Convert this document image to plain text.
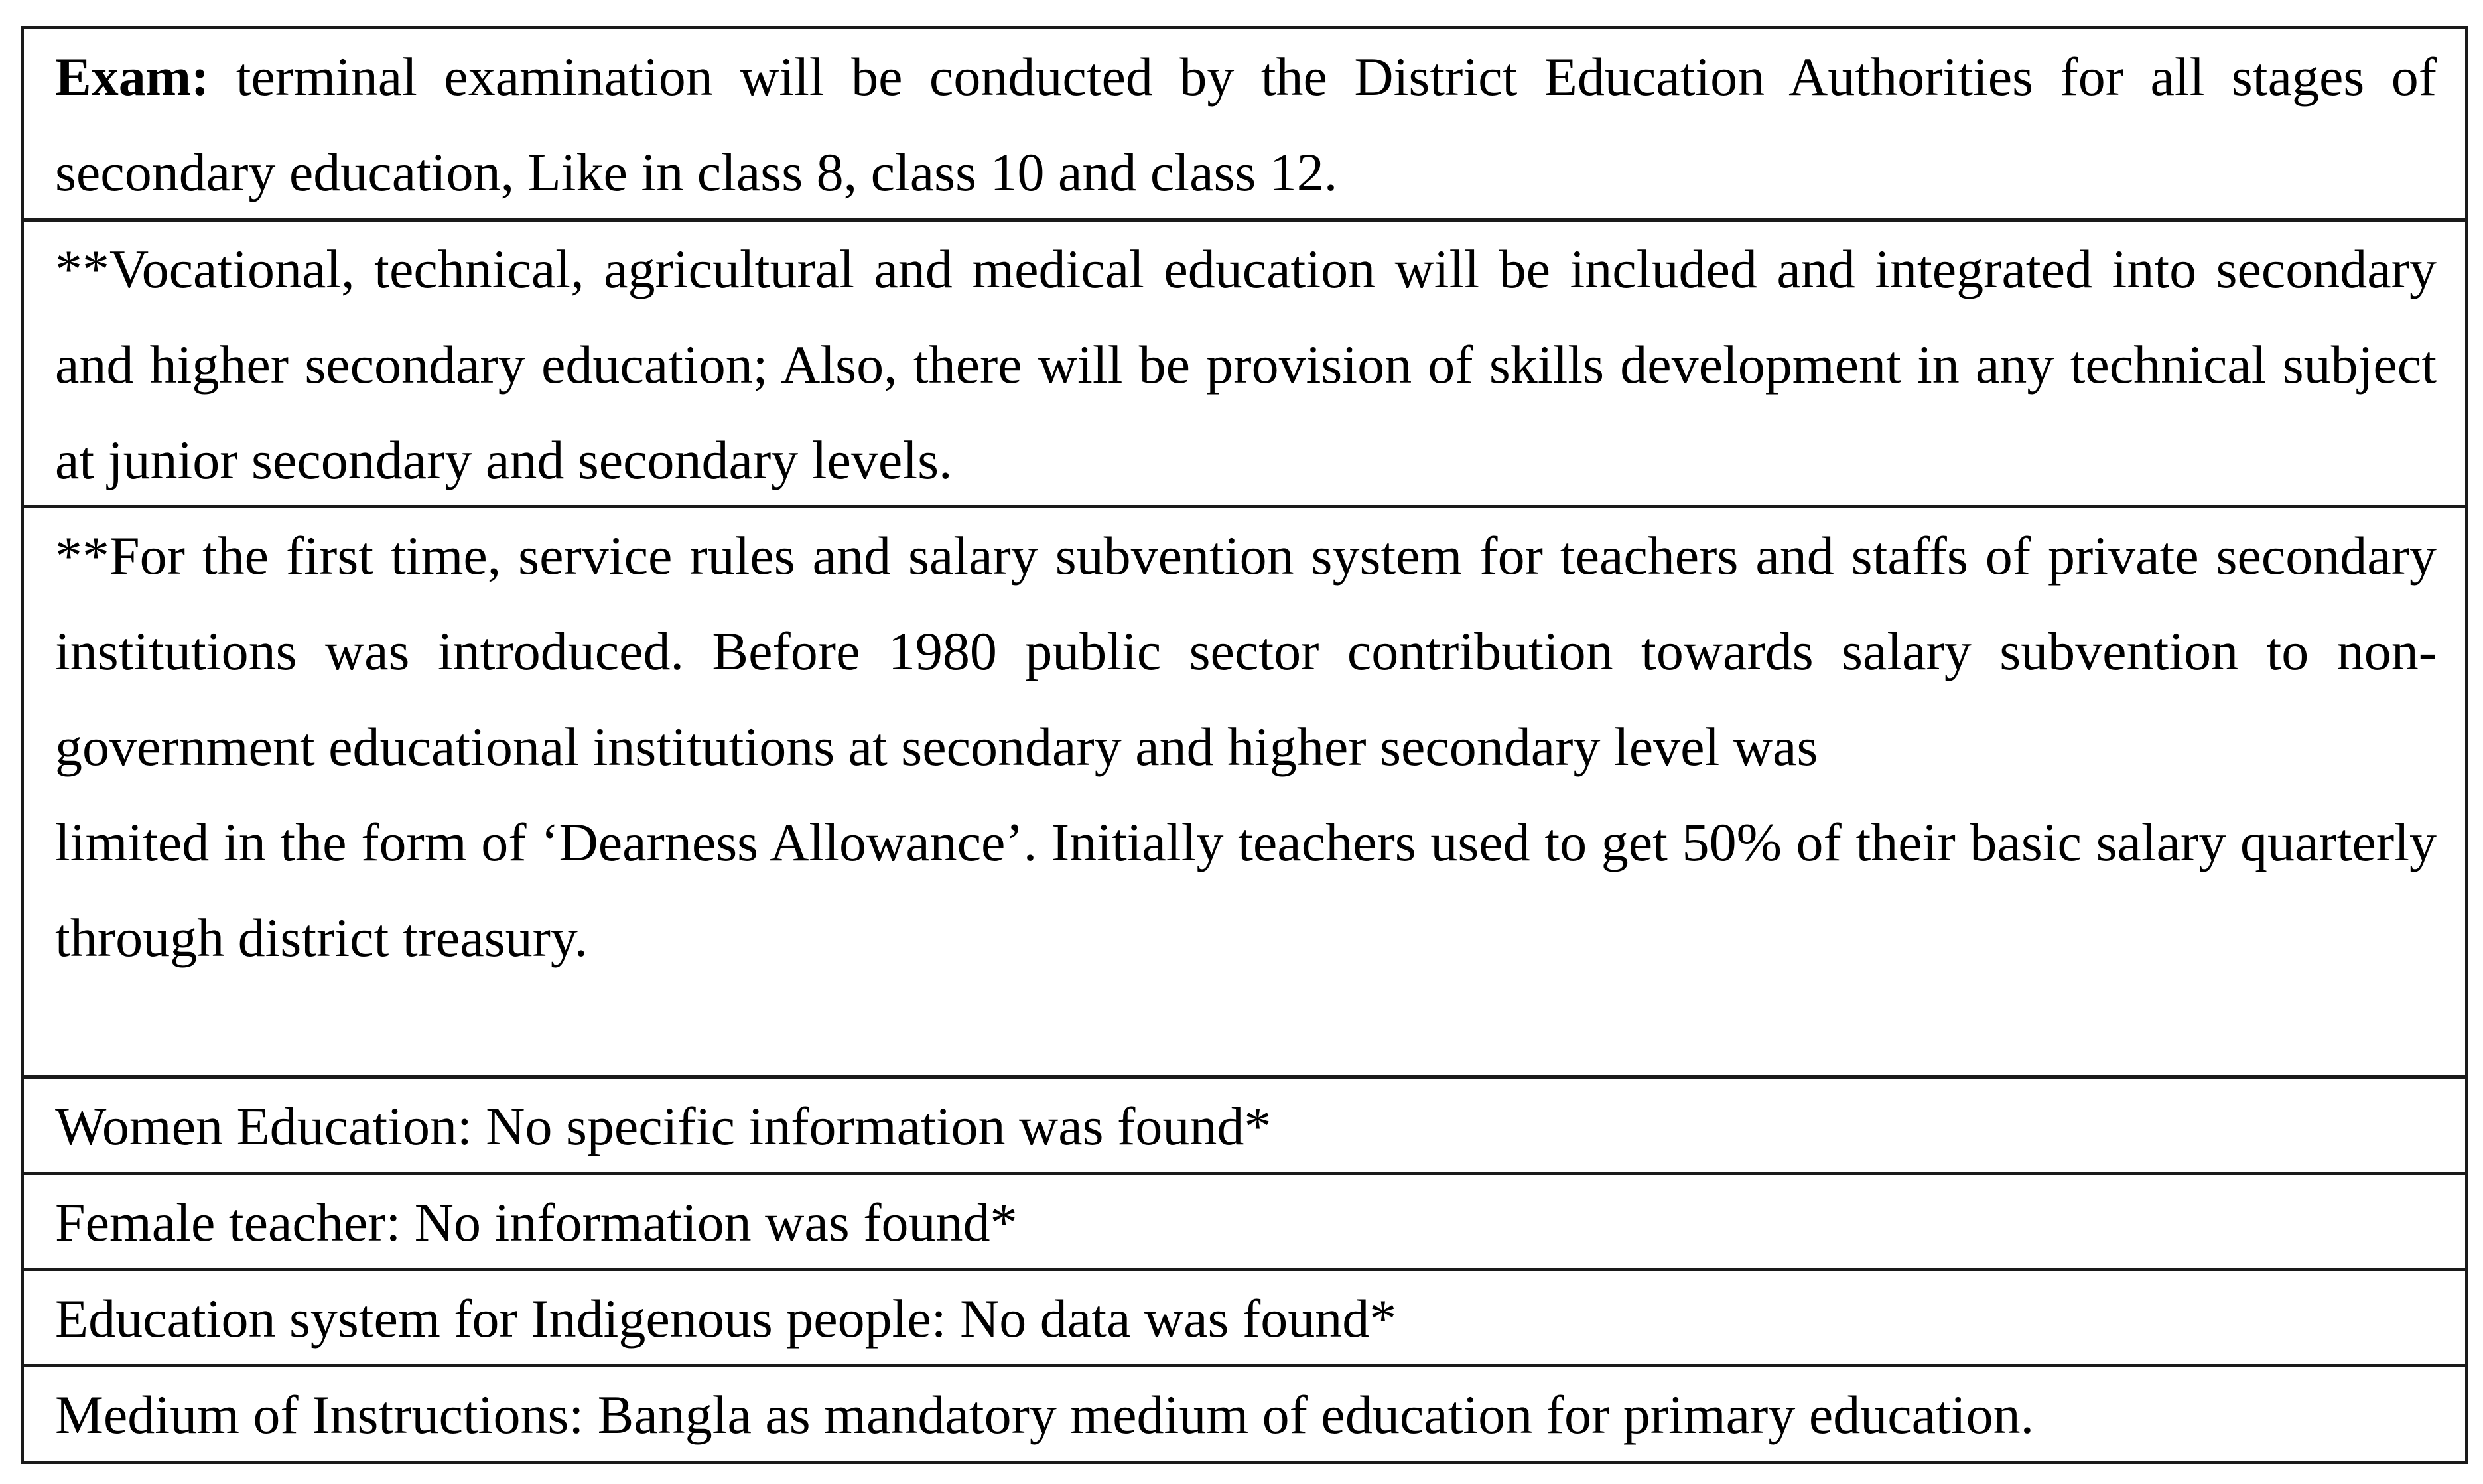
Exam: terminal examination will be conducted by the District Education Authorities for all stages of secondary education, Like in class 8, class 10 and class 12.
**Vocational, technical, agricultural and medical education will be included and integrated into secondary and higher secondary education; Also, there will be provision of skills development in any technical subject at junior secondary and secondary levels.
**For the first time, service rules and salary subvention system for teachers and staffs of private secondary institutions was introduced. Before 1980 public sector contribution towards salary subvention to non- government educational institutions at secondary and higher secondary level was
limited in the form of ‘Dearness Allowance’. Initially teachers used to get 50% of their basic salary quarterly through district treasury.
Women Education: No specific information was found*
Female teacher: No information was found*
Education system for Indigenous people: No data was found*
Medium of Instructions: Bangla as mandatory medium of education for primary education.
